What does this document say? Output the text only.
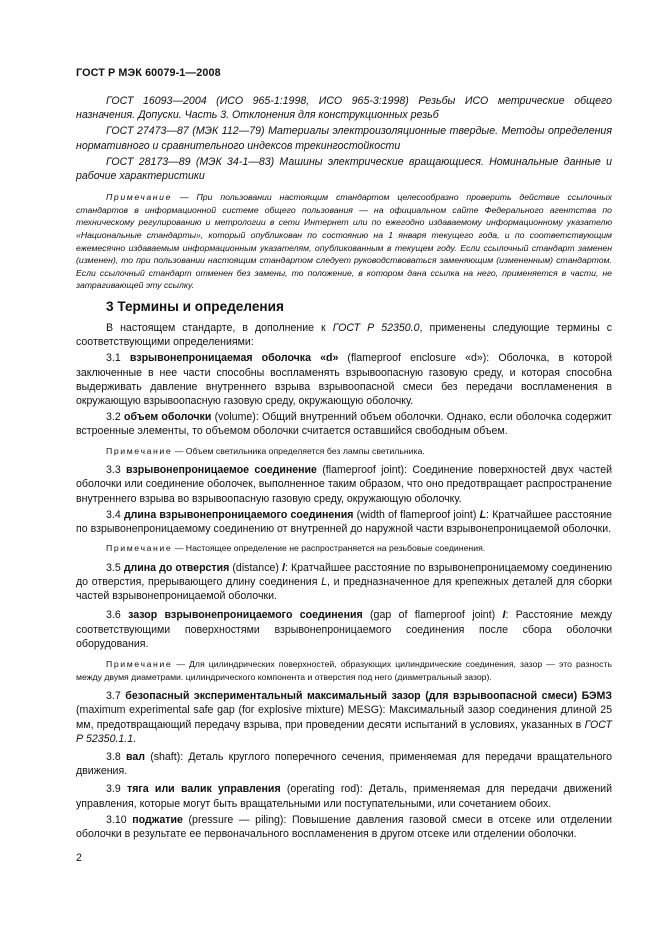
ГОСТ Р МЭК 60079-1—2008

ГОСТ 16093—2004 (ИСО 965-1:1998, ИСО 965-3:1998) Резьбы ИСО метрические общего назначения. Допуски. Часть 3. Отклонения для конструкционных резьб

ГОСТ 27473—87 (МЭК 112—79) Материалы электроизоляционные твердые. Методы определения нормативного и сравнительного индексов трекингостойкости

ГОСТ 28173—89 (МЭК 34-1—83) Машины электрические вращающиеся. Номинальные данные и рабочие характеристики

Примечание — При пользовании настоящим стандартом целесообразно проверить действие ссылочных стандартов в информационной системе общего пользования — на официальном сайте Федерального агентства по техническому регулированию и метрологии в сети Интернет или по ежегодно издаваемому информационному указателю «Национальные стандарты», который опубликован по состоянию на 1 января текущего года, и по соответствующим ежемесячно издаваемым информационным указателям, опубликованным в текущем году. Если ссылочный стандарт заменен (изменен), то при пользовании настоящим стандартом следует руководствоваться заменяющим (измененным) стандартом. Если ссылочный стандарт отменен без замены, то положение, в котором дана ссылка на него, применяется в части, не затрагивающей эту ссылку.

3 Термины и определения

В настоящем стандарте, в дополнение к ГОСТ Р 52350.0, применены следующие термины с соответствующими определениями:

3.1 взрывонепроницаемая оболочка «d» (flameproof enclosure «d»): Оболочка, в которой заключенные в нее части способны воспламенять взрывоопасную газовую среду, и которая способна выдерживать давление внутреннего взрыва взрывоопасной смеси без передачи воспламенения в окружающую взрывоопасную газовую среду, окружающую оболочку.

3.2 объем оболочки (volume): Общий внутренний объем оболочки. Однако, если оболочка содержит встроенные элементы, то объемом оболочки считается оставшийся свободным объем.

Примечание — Объем светильника определяется без лампы светильника.

3.3 взрывонепроницаемое соединение (flameproof joint): Соединение поверхностей двух частей оболочки или соединение оболочек, выполненное таким образом, что оно предотвращает распространение внутреннего взрыва во взрывоопасную газовую среду, окружающую оболочку.

3.4 длина взрывонепроницаемого соединения (width of flameproof joint) L: Кратчайшее расстояние по взрывонепроницаемому соединению от внутренней до наружной части взрывонепроницаемой оболочки.

Примечание — Настоящее определение не распространяется на резьбовые соединения.

3.5 длина до отверстия (distance) l: Кратчайшее расстояние по взрывонепроницаемому соединению до отверстия, прерывающего длину соединения L, и предназначенное для крепежных деталей для сборки частей взрывонепроницаемой оболочки.

3.6 зазор взрывонепроницаемого соединения (gap of flameproof joint) I: Расстояние между соответствующими поверхностями взрывонепроницаемого соединения после сбора оболочки оборудования.

Примечание — Для цилиндрических поверхностей, образующих цилиндрические соединения, зазор — это разность между двумя диаметрами. цилиндрического компонента и отверстия под него (диаметральный зазор).

3.7 безопасный экспериментальный максимальный зазор (для взрывоопасной смеси) БЭМЗ (maximum experimental safe gap (for explosive mixture) MESG): Максимальный зазор соединения длиной 25 мм, предотвращающий передачу взрыва, при проведении десяти испытаний в условиях, указанных в ГОСТ Р 52350.1.1.

3.8 вал (shaft): Деталь круглого поперечного сечения, применяемая для передачи вращательного движения.

3.9 тяга или валик управления (operating rod): Деталь, применяемая для передачи движений управления, которые могут быть вращательными или поступательными, или сочетанием обоих.

3.10 поджатие (pressure — piling): Повышение давления газовой смеси в отсеке или отделении оболочки в результате ее первоначального воспламенения в другом отсеке или отделении оболочки.

2
